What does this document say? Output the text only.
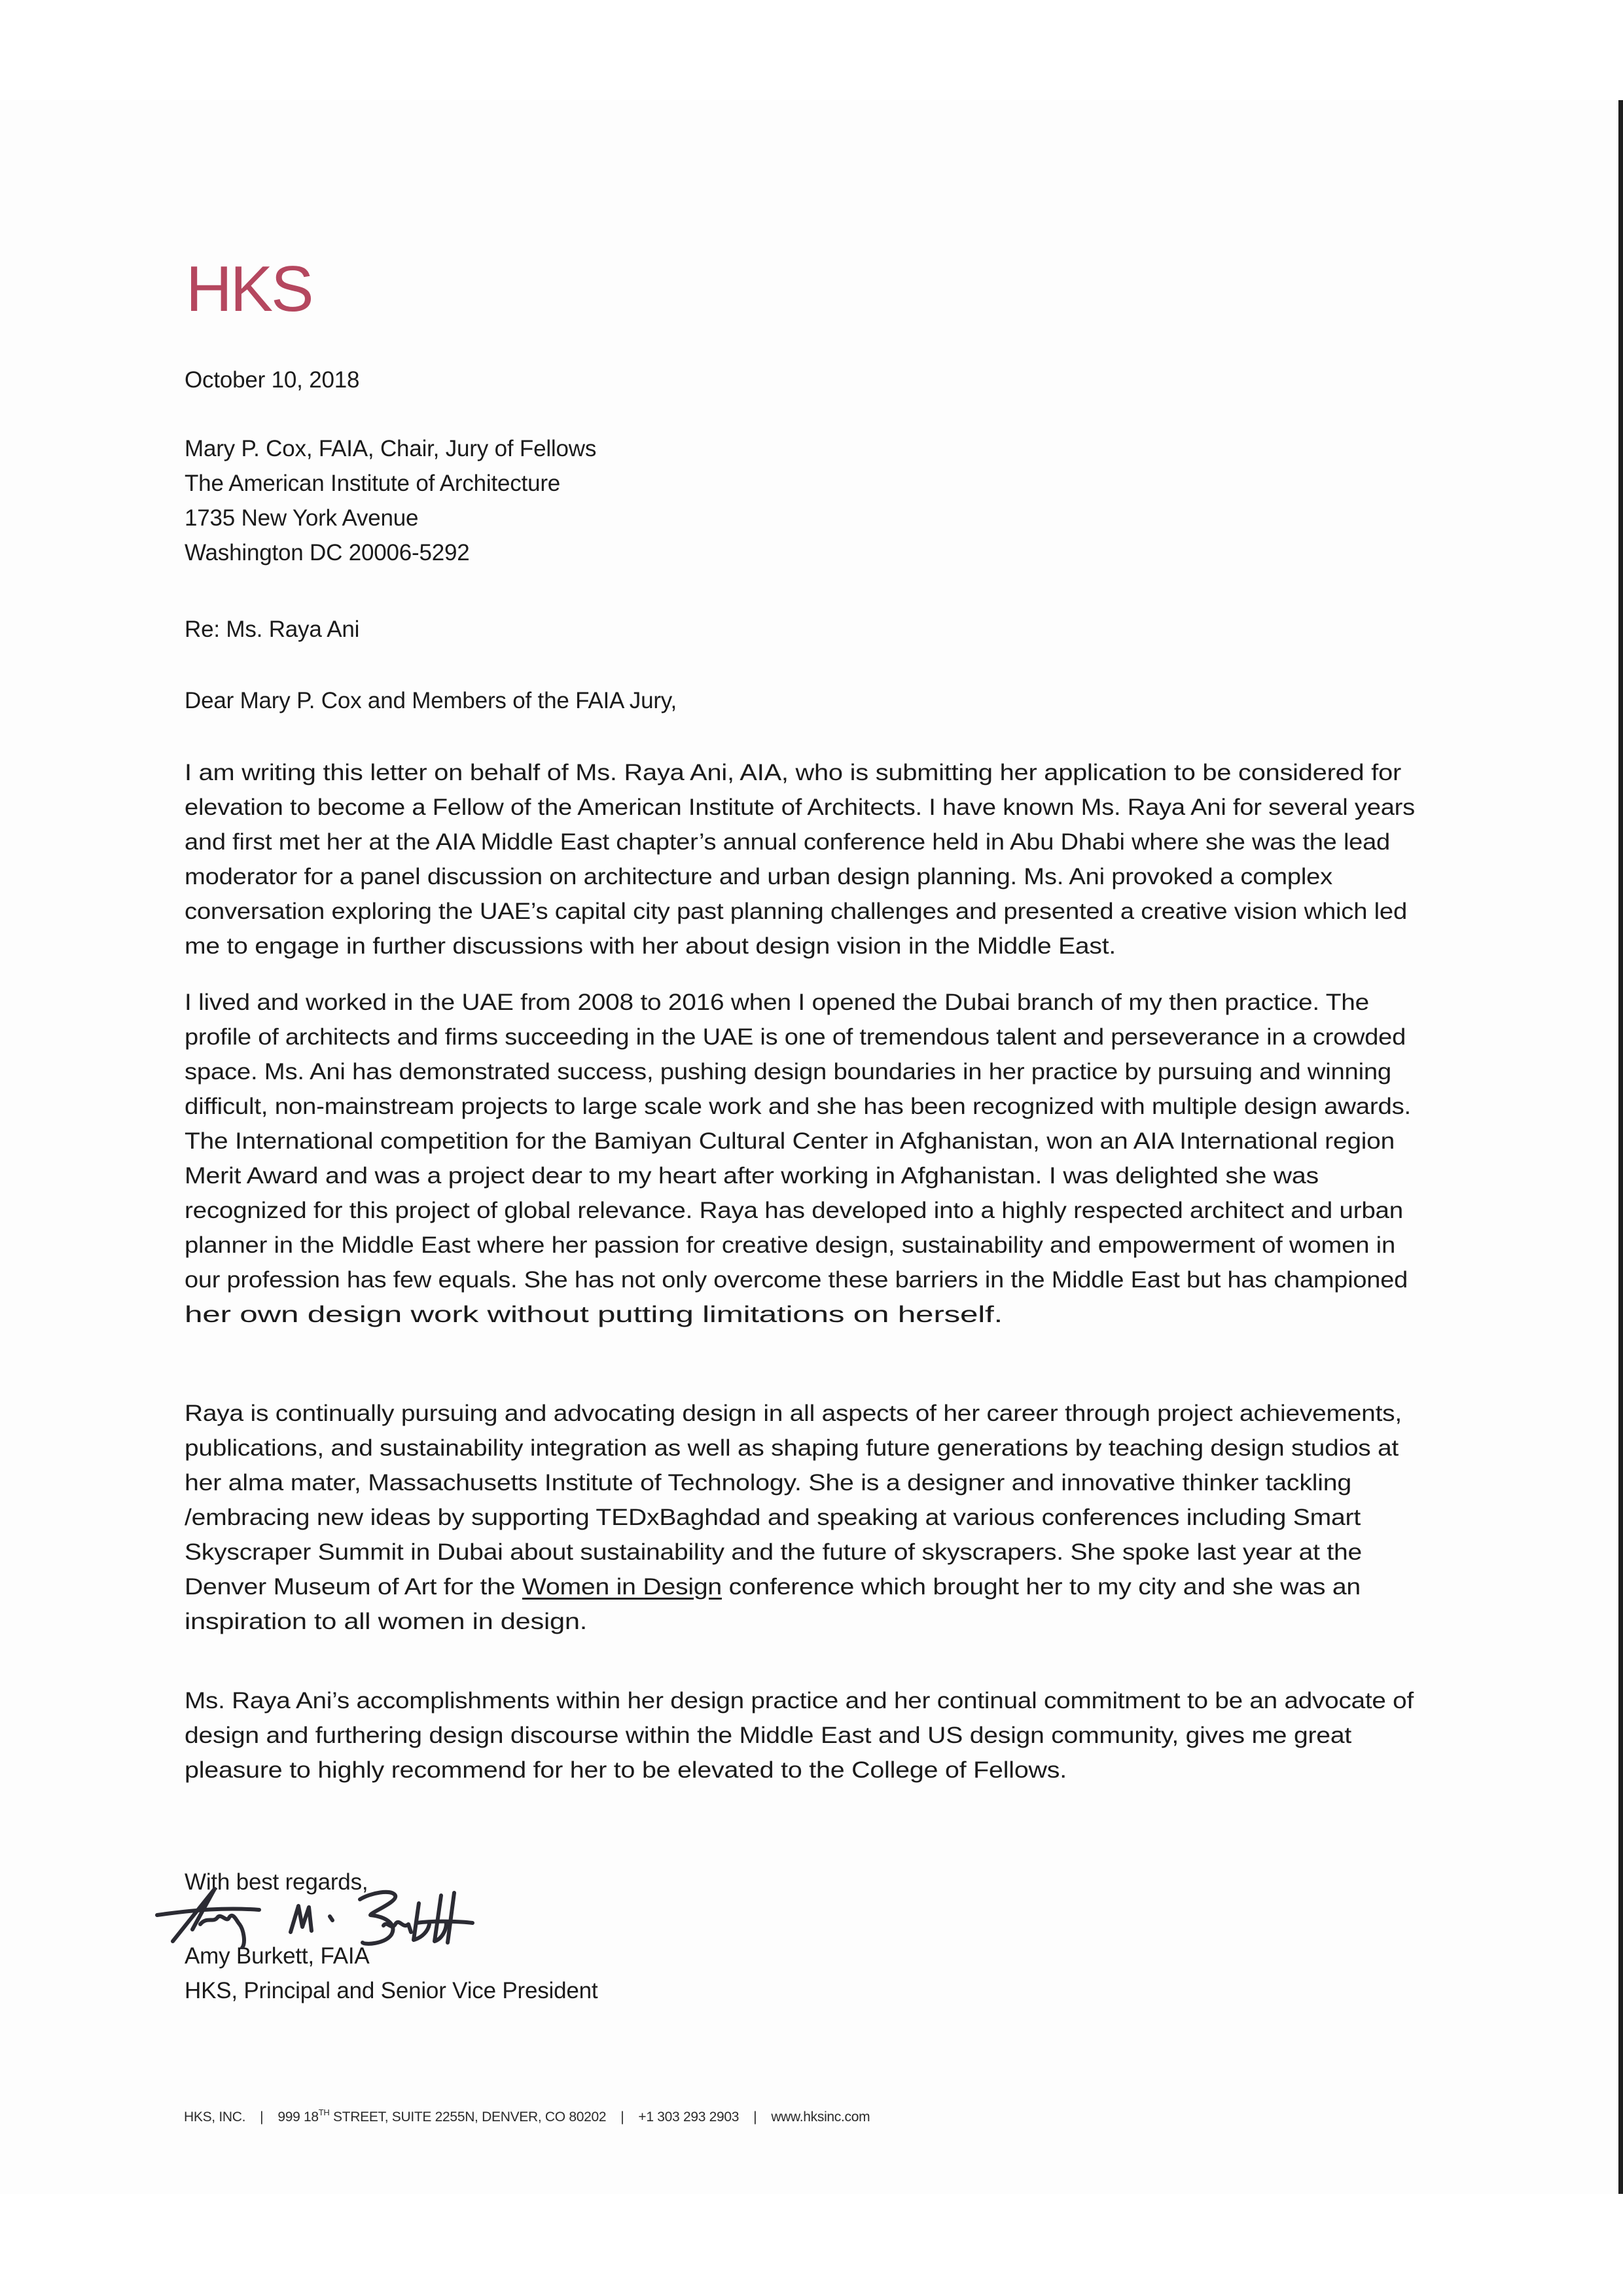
HKS
October 10, 2018
Mary P. Cox, FAIA, Chair, Jury of Fellows
The American Institute of Architecture
1735 New York Avenue
Washington DC 20006-5292
Re: Ms. Raya Ani
Dear Mary P. Cox and Members of the FAIA Jury,
I am writing this letter on behalf of Ms. Raya Ani, AIA, who is submitting her application to be considered for
elevation to become a Fellow of the American Institute of Architects. I have known Ms. Raya Ani for several years
and first met her at the AIA Middle East chapter’s annual conference held in Abu Dhabi where she was the lead
moderator for a panel discussion on architecture and urban design planning. Ms. Ani provoked a complex
conversation exploring the UAE’s capital city past planning challenges and presented a creative vision which led
me to engage in further discussions with her about design vision in the Middle East.
I lived and worked in the UAE from 2008 to 2016 when I opened the Dubai branch of my then practice. The
profile of architects and firms succeeding in the UAE is one of tremendous talent and perseverance in a crowded
space. Ms. Ani has demonstrated success, pushing design boundaries in her practice by pursuing and winning
difficult, non-mainstream projects to large scale work and she has been recognized with multiple design awards.
The International competition for the Bamiyan Cultural Center in Afghanistan, won an AIA International region
Merit Award and was a project dear to my heart after working in Afghanistan. I was delighted she was
recognized for this project of global relevance. Raya has developed into a highly respected architect and urban
planner in the Middle East where her passion for creative design, sustainability and empowerment of women in
our profession has few equals. She has not only overcome these barriers in the Middle East but has championed
her own design work without putting limitations on herself.
Raya is continually pursuing and advocating design in all aspects of her career through project achievements,
publications, and sustainability integration as well as shaping future generations by teaching design studios at
her alma mater, Massachusetts Institute of Technology. She is a designer and innovative thinker tackling
/embracing new ideas by supporting TEDxBaghdad and speaking at various conferences including Smart
Skyscraper Summit in Dubai about sustainability and the future of skyscrapers. She spoke last year at the
Denver Museum of Art for the Women in Design conference which brought her to my city and she was an
inspiration to all women in design.
Ms. Raya Ani’s accomplishments within her design practice and her continual commitment to be an advocate of
design and furthering design discourse within the Middle East and US design community, gives me great
pleasure to highly recommend for her to be elevated to the College of Fellows.
With best regards,
Amy Burkett, FAIA
HKS, Principal and Senior Vice President
HKS, INC. | 999 18TH STREET, SUITE 2255N, DENVER, CO 80202 | +1 303 293 2903 | www.hksinc.com
